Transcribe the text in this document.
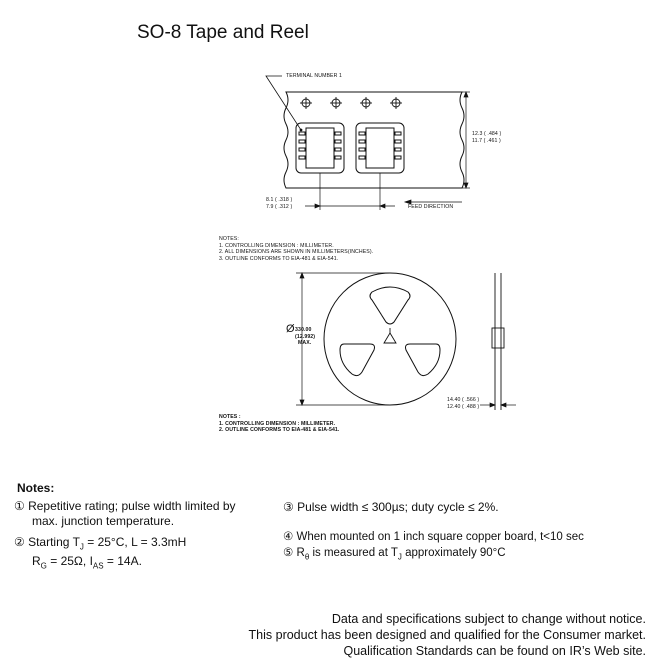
SO-8 Tape and Reel
TERMINAL NUMBER 1
12.3 ( .484 )
11.7 ( .461 )
8.1 ( .318 )
7.9 ( .312 )	FEED DIRECTION
NOTES:
1. CONTROLLING DIMENSION : MILLIMETER.
2. ALL DIMENSIONS ARE SHOWN IN MILLIMETERS(INCHES).
3. OUTLINE CONFORMS TO EIA-481 & EIA-541.
Ø 330.00
(12.992)
MAX.
14.40 ( .566 )
12.40 ( .488 )
NOTES :
1. CONTROLLING DIMENSION : MILLIMETER.
2. OUTLINE CONFORMS TO EIA-481 & EIA-541.
Notes:
① Repetitive rating; pulse width limited by
max. junction temperature.
② Starting $T_J = 25^\circ C$, L = 3.3mH
$R_G = 25\Omega$, $I_{AS} = 14A$.
③ Pulse width ≤ 300µs; duty cycle ≤ 2%.
④ When mounted on 1 inch square copper board, t<10 sec
⑤ $R_\theta$ is measured at $T_J$ approximately 90°C
Data and specifications subject to change without notice.
This product has been designed and qualified for the Consumer market.
Qualification Standards can be found on IR’s Web site.
